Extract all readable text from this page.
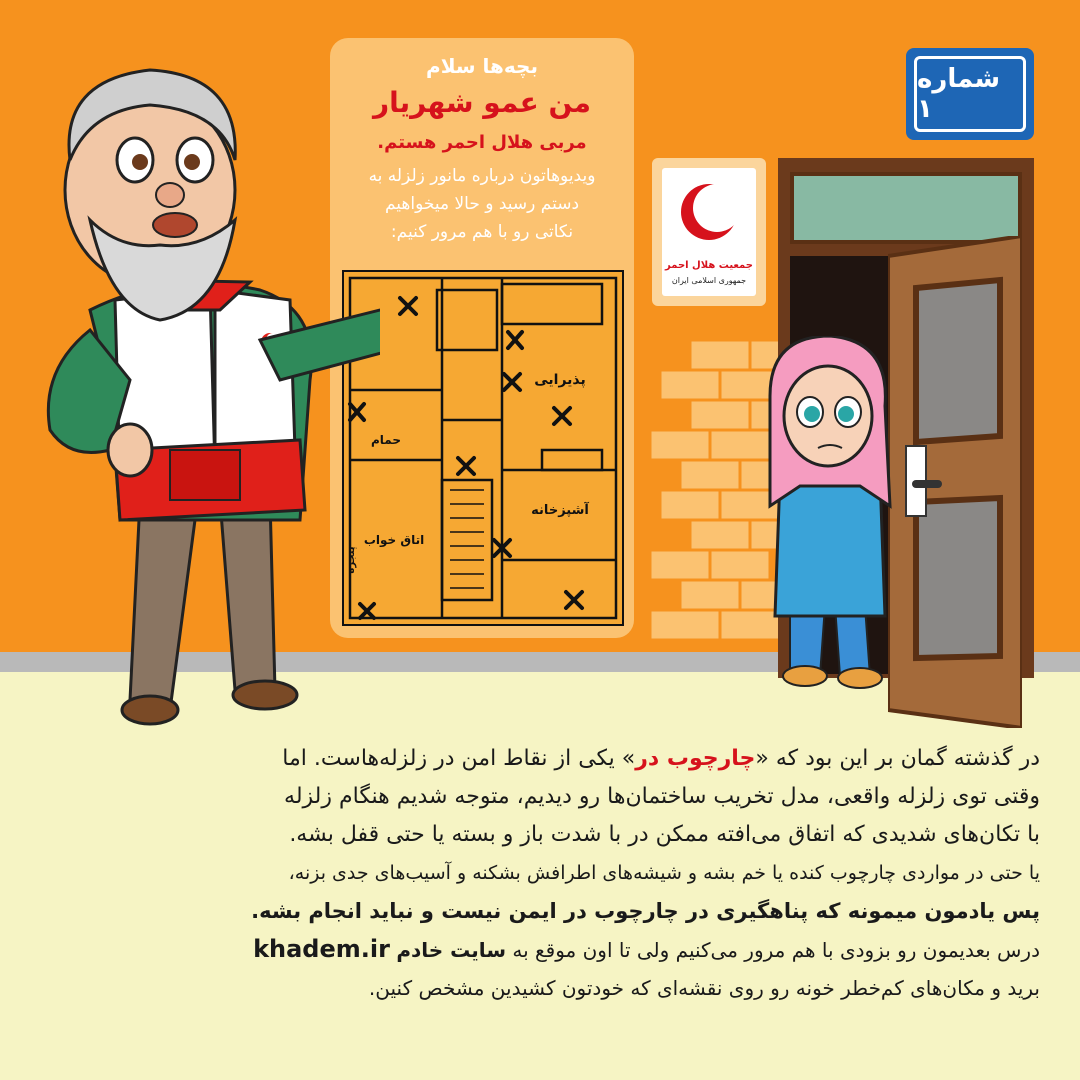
شماره ۱
بچه‌ها سلام
من عمو شهریار
مربی هلال احمر هستم.
ویدیوهاتون درباره مانور زلزله به
دستم رسید و حالا میخواهیم
نکاتی رو با هم مرور کنیم:
پذیرایی
حمام
آشپزخانه
اتاق خواب
پنجره
جمعیت هلال احمر
جمهوری اسلامی ایران
در گذشته گمان بر این بود که «چارچوب در» یکی از نقاط امن در زلزله‌هاست. اما
وقتی توی زلزله واقعی، مدل تخریب ساختمان‌ها رو دیدیم، متوجه شدیم هنگام زلزله
با تکان‌های شدیدی که اتفاق می‌افته ممکن در با شدت باز و بسته یا حتی قفل بشه.
یا حتی در مواردی چارچوب کنده یا خم بشه و شیشه‌های اطرافش بشکنه و آسیب‌های جدی بزنه،
پس یادمون میمونه که پناهگیری در چارچوب در ایمن نیست و نباید انجام بشه.
درس بعدیمون رو بزودی با هم مرور می‌کنیم ولی تا اون موقع به سایت خادم khadem.ir
برید و مکان‌های کم‌خطر خونه رو روی نقشه‌ای که خودتون کشیدین مشخص کنین.
